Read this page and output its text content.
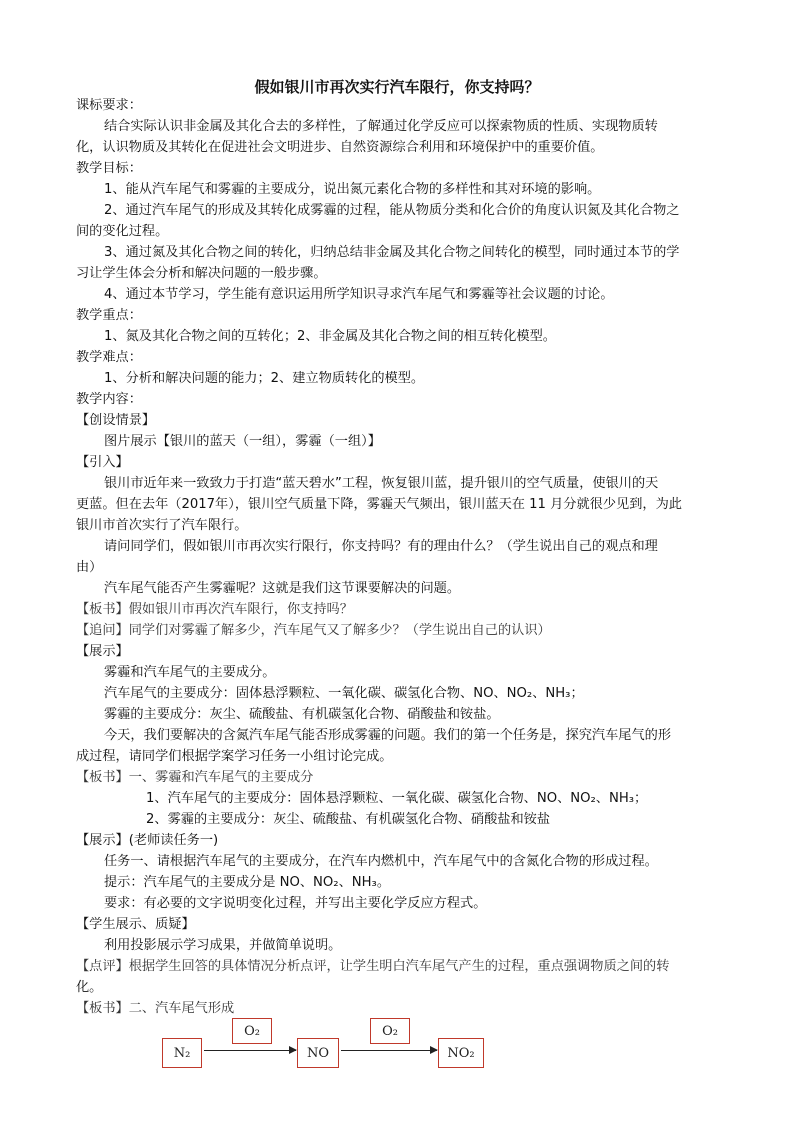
假如银川市再次实行汽车限行，你支持吗？
课标要求：
结合实际认识非金属及其化合去的多样性，了解通过化学反应可以探索物质的性质、实现物质转
化，认识物质及其转化在促进社会文明进步、自然资源综合利用和环境保护中的重要价值。
教学目标：
1、能从汽车尾气和雾霾的主要成分，说出氮元素化合物的多样性和其对环境的影响。
2、通过汽车尾气的形成及其转化成雾霾的过程，能从物质分类和化合价的角度认识氮及其化合物之
间的变化过程。
3、通过氮及其化合物之间的转化，归纳总结非金属及其化合物之间转化的模型，同时通过本节的学
习让学生体会分析和解决问题的一般步骤。
4、通过本节学习，学生能有意识运用所学知识寻求汽车尾气和雾霾等社会议题的讨论。
教学重点：
1、氮及其化合物之间的互转化；2、非金属及其化合物之间的相互转化模型。
教学难点：
1、分析和解决问题的能力；2、建立物质转化的模型。
教学内容：
【创设情景】
图片展示【银川的蓝天（一组），雾霾（一组）】
【引入】
银川市近年来一致致力于打造“蓝天碧水”工程，恢复银川蓝，提升银川的空气质量，使银川的天
更蓝。但在去年（2017年），银川空气质量下降，雾霾天气频出，银川蓝天在 11 月分就很少见到，为此
银川市首次实行了汽车限行。
请问同学们，假如银川市再次实行限行，你支持吗？有的理由什么？（学生说出自己的观点和理
由）
汽车尾气能否产生雾霾呢？这就是我们这节课要解决的问题。
【板书】假如银川市再次汽车限行，你支持吗？
【追问】同学们对雾霾了解多少，汽车尾气又了解多少？（学生说出自己的认识）
【展示】
雾霾和汽车尾气的主要成分。
汽车尾气的主要成分：固体悬浮颗粒、一氧化碳、碳氢化合物、NO、NO₂、NH₃；
雾霾的主要成分：灰尘、硫酸盐、有机碳氢化合物、硝酸盐和铵盐。
今天，我们要解决的含氮汽车尾气能否形成雾霾的问题。我们的第一个任务是，探究汽车尾气的形
成过程，请同学们根据学案学习任务一小组讨论完成。
【板书】一、雾霾和汽车尾气的主要成分
1、汽车尾气的主要成分：固体悬浮颗粒、一氧化碳、碳氢化合物、NO、NO₂、NH₃；
2、雾霾的主要成分：灰尘、硫酸盐、有机碳氢化合物、硝酸盐和铵盐
【展示】(老师读任务一)
任务一、请根据汽车尾气的主要成分，在汽车内燃机中，汽车尾气中的含氮化合物的形成过程。
提示：汽车尾气的主要成分是 NO、NO₂、NH₃。
要求：有必要的文字说明变化过程，并写出主要化学反应方程式。
【学生展示、质疑】
利用投影展示学习成果，并做简单说明。
【点评】根据学生回答的具体情况分析点评，让学生明白汽车尾气产生的过程，重点强调物质之间的转
化。
【板书】二、汽车尾气形成
N₂
O₂
NO
O₂
NO₂
